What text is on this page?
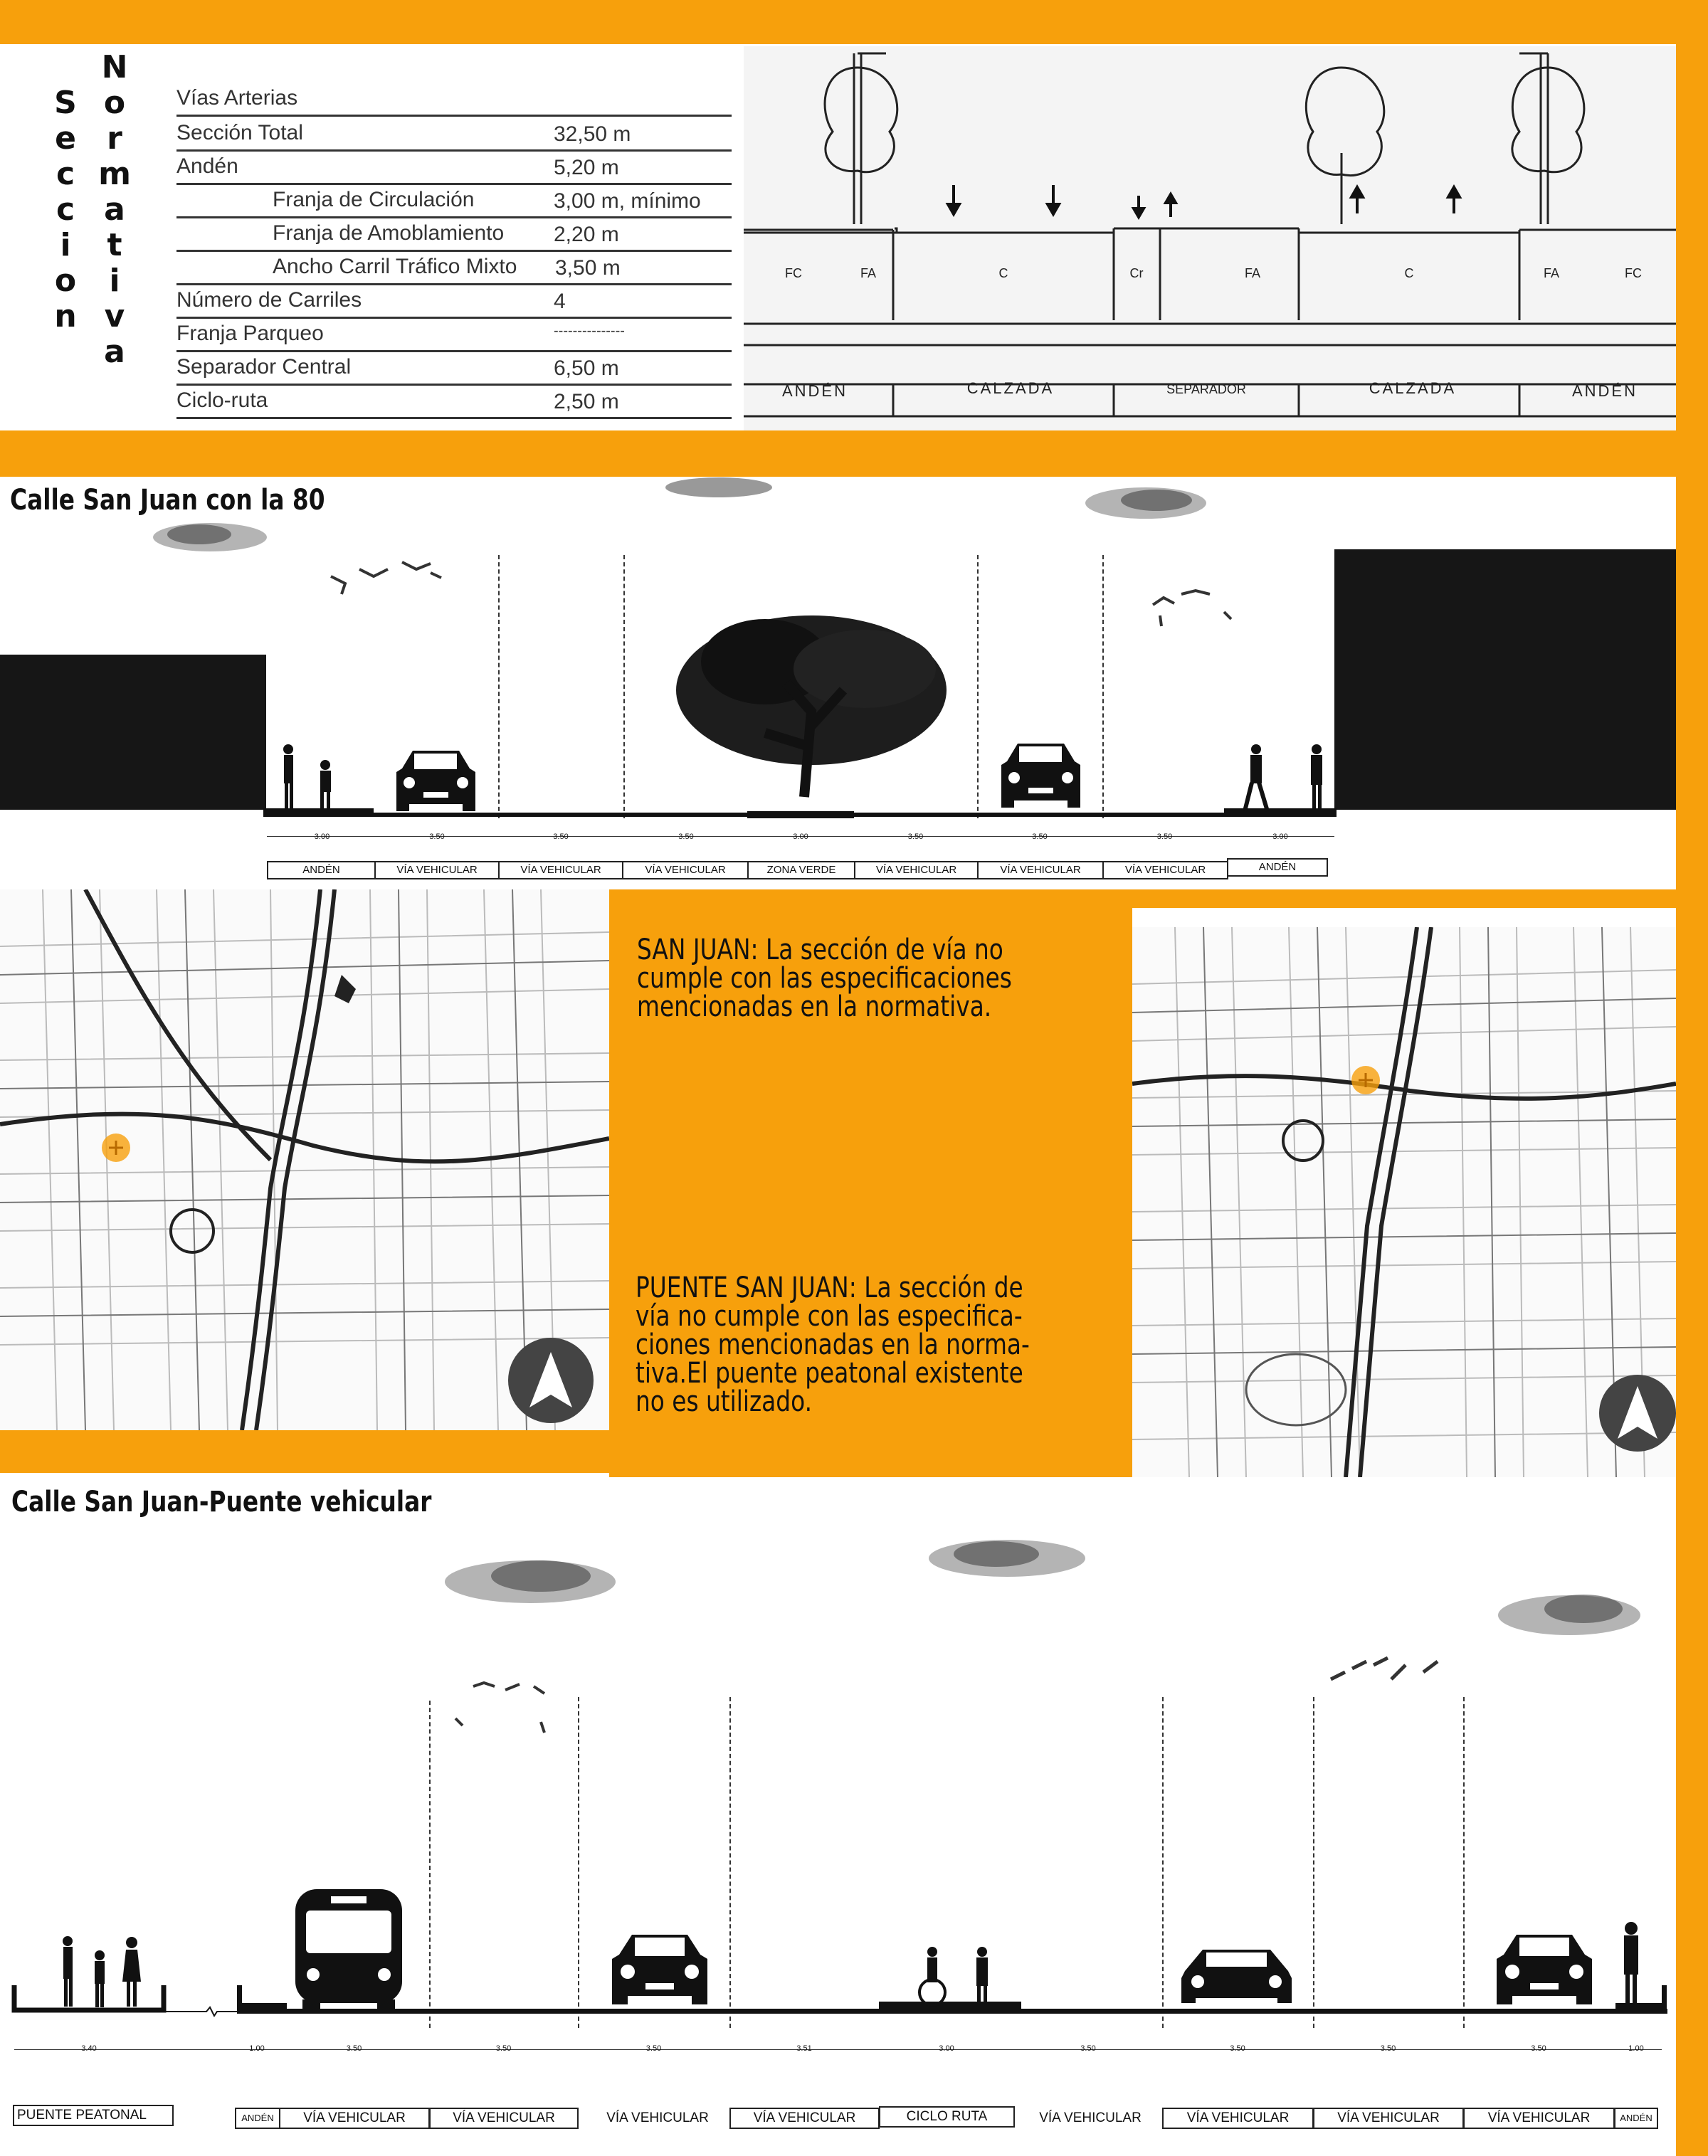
S
e
c
c
i
o
n
N
o
r
m
a
t
i
v
a
Vías Arterias
Sección Total	32,50 m
Andén	5,20 m
Franja de Circulación	3,00 m, mínimo
Franja de Amoblamiento 2,20 m
Ancho Carril Tráfico Mixto 3,50 m
Número de Carriles	4
Franja Parqueo	---------------
Separador Central	6,50 m
Ciclo-ruta	2,50 m
FC	FA	C	Cr	FA	C	FA	FC
ANDÉN	CALZADA	SEPARADOR	CALZADA	ANDÉN
Calle San Juan con la 80
3.00	3.50	3.50	3.50	3.00	3.50	3.50	3.50	3.00
ANDÉN	VÍA VEHICULAR	VÍA VEHICULAR	VÍA VEHICULAR	ZONA VERDE	VÍA VEHICULAR	VÍA VEHICULAR	VÍA VEHICULAR	ANDÉN
SAN JUAN: La sección de vía no
cumple con las especificaciones
mencionadas en la normativa.
PUENTE SAN JUAN: La sección de
vía no cumple con las especifica-
ciones mencionadas en la norma-
tiva.El puente peatonal existente
no es utilizado.
Calle San Juan-Puente vehicular
3.40	1.00	3.50	3.50	3.50	3.51	3.00	3.50	3.50	3.50	3.50	1.00
PUENTE PEATONAL	ANDÉN	VÍA VEHICULAR	VÍA VEHICULAR	VÍA VEHICULAR	VÍA VEHICULAR	CICLO RUTA	VÍA VEHICULAR	VÍA VEHICULAR	VÍA VEHICULAR	VÍA VEHICULAR	ANDÉN
